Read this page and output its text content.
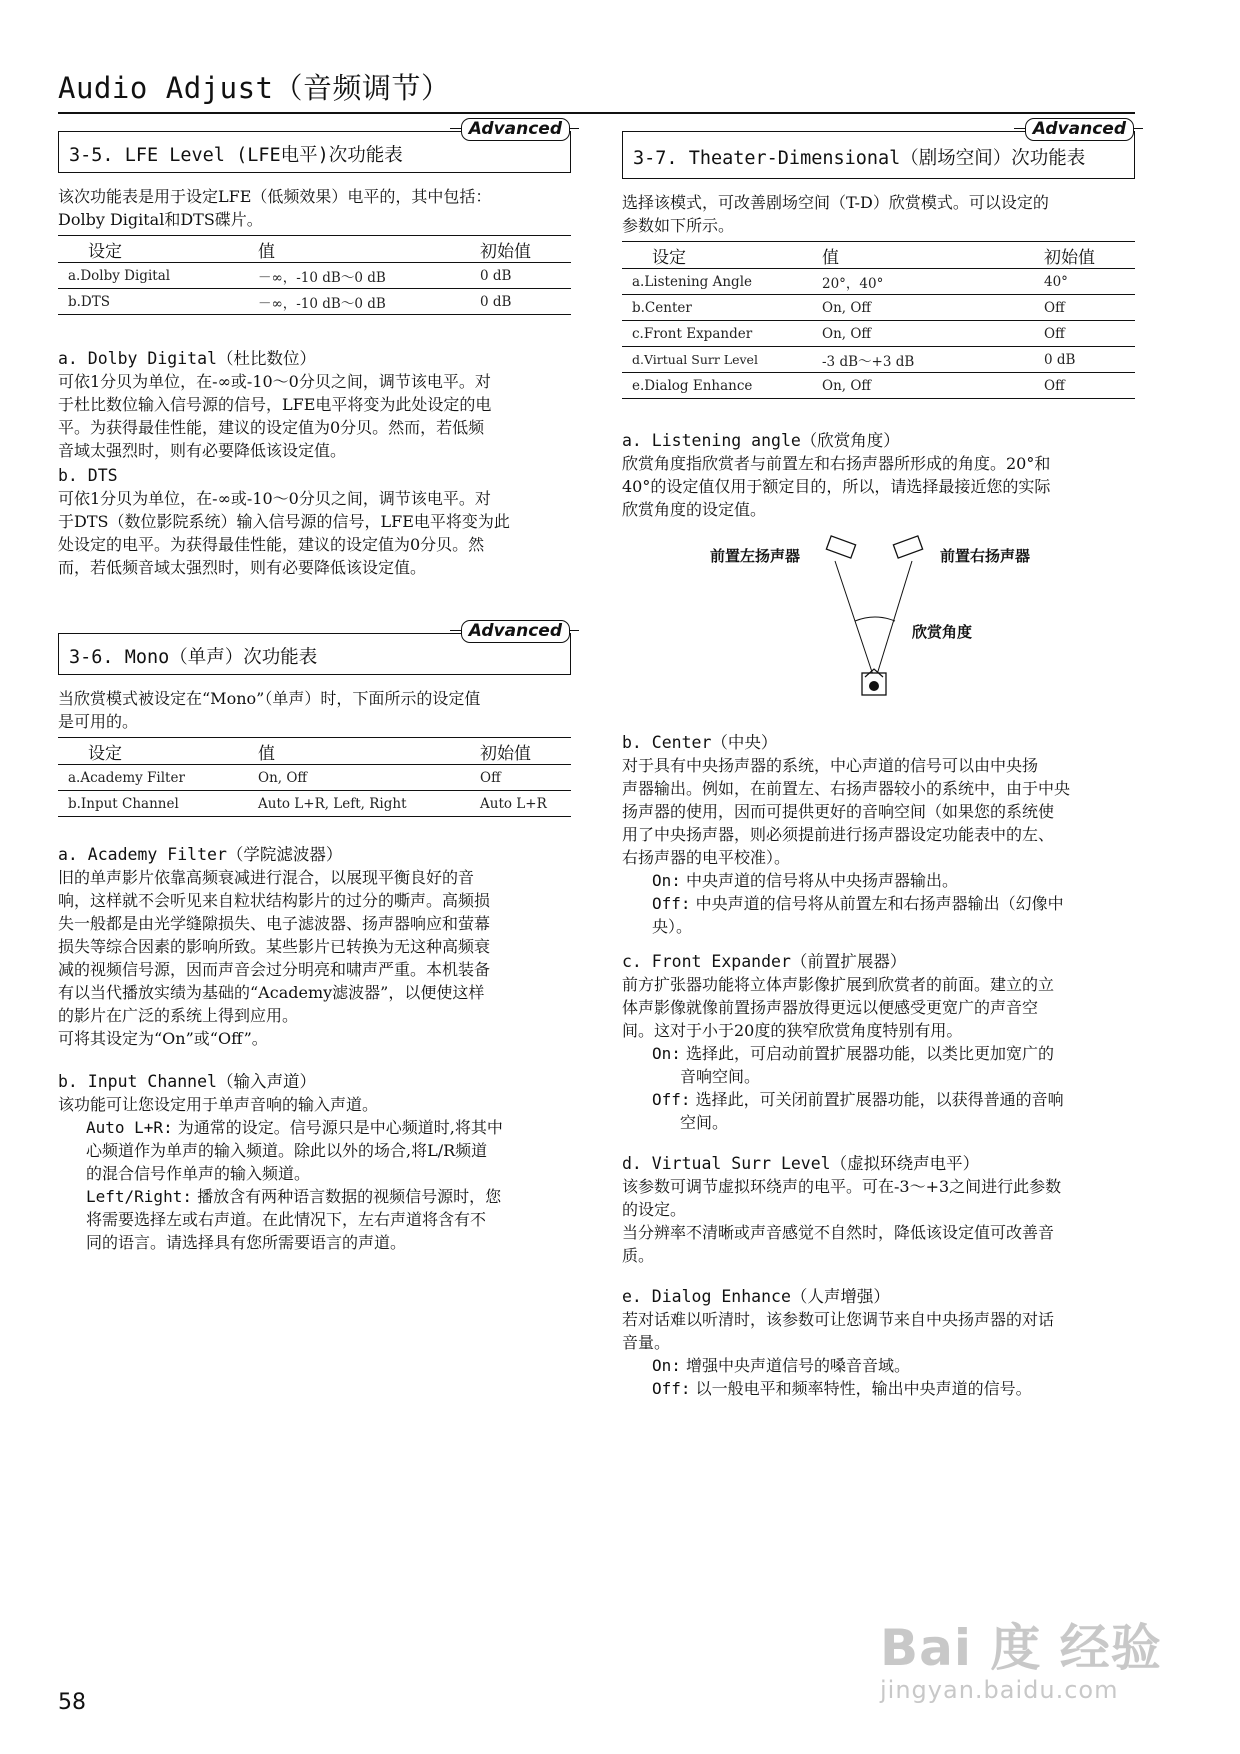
Audio Adjust（音频调节）
3-5. LFE Level (LFE电平)次功能表
Advanced

该次功能表是用于设定LFE（低频效果）电平的，其中包括：

Dolby Digital和DTS碟片。

设定	值	初始值
a.Dolby Digital	－∞，-10 dB～0 dB	0 dB
b.DTS	－∞，-10 dB～0 dB	0 dB

a. Dolby Digital（杜比数位）

可依1分贝为单位，在-∞或-10～0分贝之间，调节该电平。对

于杜比数位输入信号源的信号，LFE电平将变为此处设定的电

平。为获得最佳性能，建议的设定值为0分贝。然而，若低频

音域太强烈时，则有必要降低该设定值。

b. DTS

可依1分贝为单位，在-∞或-10～0分贝之间，调节该电平。对

于DTS（数位影院系统）输入信号源的信号，LFE电平将变为此

处设定的电平。为获得最佳性能，建议的设定值为0分贝。然

而，若低频音域太强烈时，则有必要降低该设定值。

3-6. Mono（单声）次功能表
Advanced

当欣赏模式被设定在“Mono”（单声）时，下面所示的设定值

是可用的。

设定	值	初始值
a.Academy Filter	On, Off	Off
b.Input Channel	Auto L+R, Left, Right	Auto L+R

a. Academy Filter（学院滤波器）

旧的单声影片依靠高频衰减进行混合，以展现平衡良好的音

响，这样就不会听见来自粒状结构影片的过分的嘶声。高频损

失一般都是由光学缝隙损失、电子滤波器、扬声器响应和萤幕

损失等综合因素的影响所致。某些影片已转换为无这种高频衰

减的视频信号源，因而声音会过分明亮和啸声严重。本机装备

有以当代播放实绩为基础的“Academy滤波器”，以便使这样

的影片在广泛的系统上得到应用。

可将其设定为“On”或“Off”。

b. Input Channel（输入声道）

该功能可让您设定用于单声音响的输入声道。

Auto L+R: 为通常的设定。信号源只是中心频道时,将其中

心频道作为单声的输入频道。除此以外的场合,将L/R频道

的混合信号作单声的输入频道。

Left/Right: 播放含有两种语言数据的视频信号源时，您

将需要选择左或右声道。在此情况下，左右声道将含有不

同的语言。请选择具有您所需要语言的声道。

3-7. Theater-Dimensional（剧场空间）次功能表
Advanced

选择该模式，可改善剧场空间（T-D）欣赏模式。可以设定的

参数如下所示。

设定	值	初始值
a.Listening Angle	20°，40°	40°
b.Center	On, Off	Off
c.Front Expander	On, Off	Off
d.Virtual Surr Level	-3 dB～+3 dB	0 dB
e.Dialog Enhance	On, Off	Off

a. Listening angle（欣赏角度）

欣赏角度指欣赏者与前置左和右扬声器所形成的角度。20°和

40°的设定值仅用于额定目的，所以，请选择最接近您的实际

欣赏角度的设定值。

前置左扬声器	前置右扬声器
欣赏角度

b. Center（中央）

对于具有中央扬声器的系统，中心声道的信号可以由中央扬

声器输出。例如，在前置左、右扬声器较小的系统中，由于中央

扬声器的使用，因而可提供更好的音响空间（如果您的系统使

用了中央扬声器，则必须提前进行扬声器设定功能表中的左、

右扬声器的电平校准）。

On: 中央声道的信号将从中央扬声器输出。

Off: 中央声道的信号将从前置左和右扬声器输出（幻像中

央）。

c. Front Expander（前置扩展器）

前方扩张器功能将立体声影像扩展到欣赏者的前面。建立的立

体声影像就像前置扬声器放得更远以便感受更宽广的声音空

间。这对于小于20度的狭窄欣赏角度特别有用。

On: 选择此，可启动前置扩展器功能，以类比更加宽广的

音响空间。

Off: 选择此，可关闭前置扩展器功能，以获得普通的音响

空间。

d. Virtual Surr Level（虚拟环绕声电平）

该参数可调节虚拟环绕声的电平。可在-3～+3之间进行此参数

的设定。

当分辨率不清晰或声音感觉不自然时，降低该设定值可改善音

质。

e. Dialog Enhance（人声增强）

若对话难以听清时，该参数可让您调节来自中央扬声器的对话

音量。

On: 增强中央声道信号的嗓音音域。

Off: 以一般电平和频率特性，输出中央声道的信号。

58
Bai 度 经验
jingyan.baidu.com
